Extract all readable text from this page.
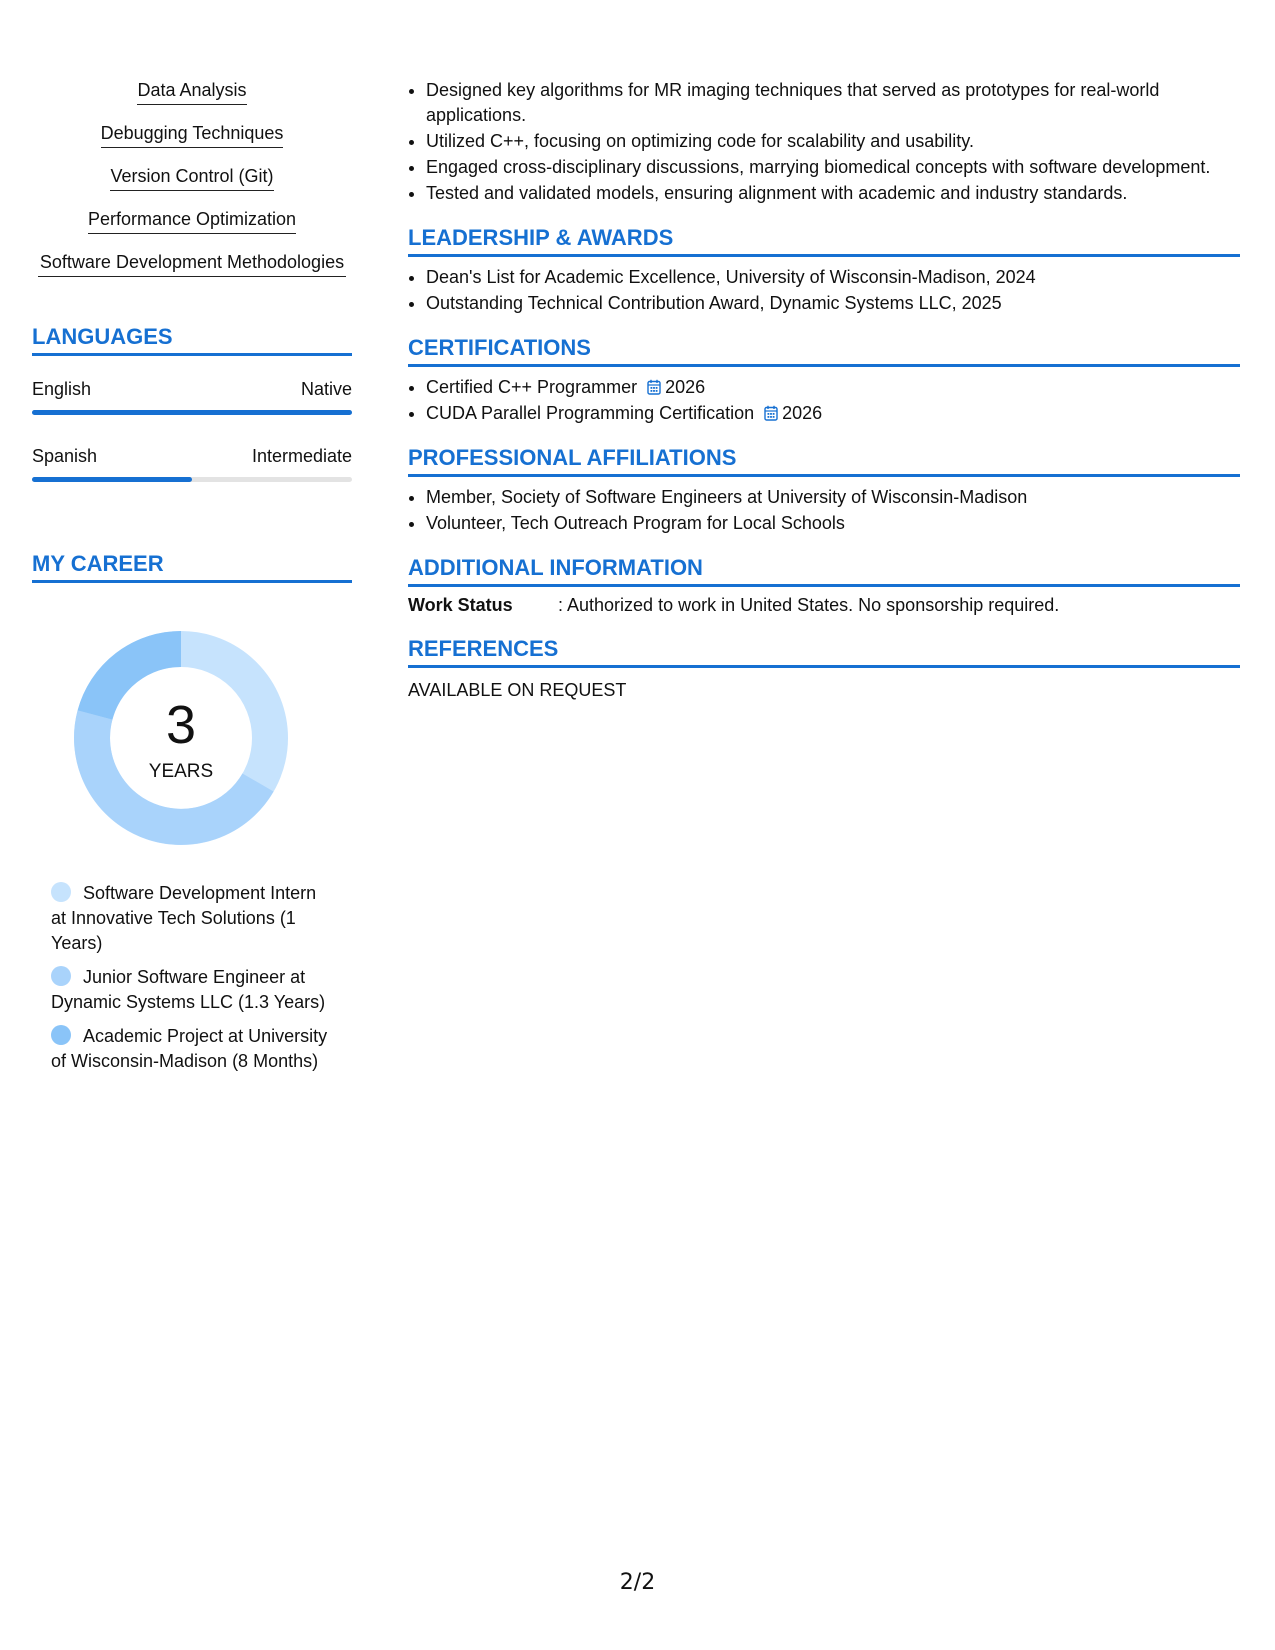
Data Analysis
Debugging Techniques
Version Control (Git)
Performance Optimization
Software Development Methodologies
LANGUAGES
English	Native
Spanish	Intermediate
MY CAREER
3
YEARS
Software Development Intern at Innovative Tech Solutions (1 Years)
Junior Software Engineer at Dynamic Systems LLC (1.3 Years)
Academic Project at University of Wisconsin-Madison (8 Months)
• Designed key algorithms for MR imaging techniques that served as prototypes for real-world applications.
• Utilized C++, focusing on optimizing code for scalability and usability.
• Engaged cross-disciplinary discussions, marrying biomedical concepts with software development.
• Tested and validated models, ensuring alignment with academic and industry standards.
LEADERSHIP & AWARDS
• Dean's List for Academic Excellence, University of Wisconsin-Madison, 2024
• Outstanding Technical Contribution Award, Dynamic Systems LLC, 2025
CERTIFICATIONS
• Certified C++ Programmer 2026
• CUDA Parallel Programming Certification 2026
PROFESSIONAL AFFILIATIONS
• Member, Society of Software Engineers at University of Wisconsin-Madison
• Volunteer, Tech Outreach Program for Local Schools
ADDITIONAL INFORMATION
Work Status	: Authorized to work in United States. No sponsorship required.
REFERENCES
AVAILABLE ON REQUEST
2/2
